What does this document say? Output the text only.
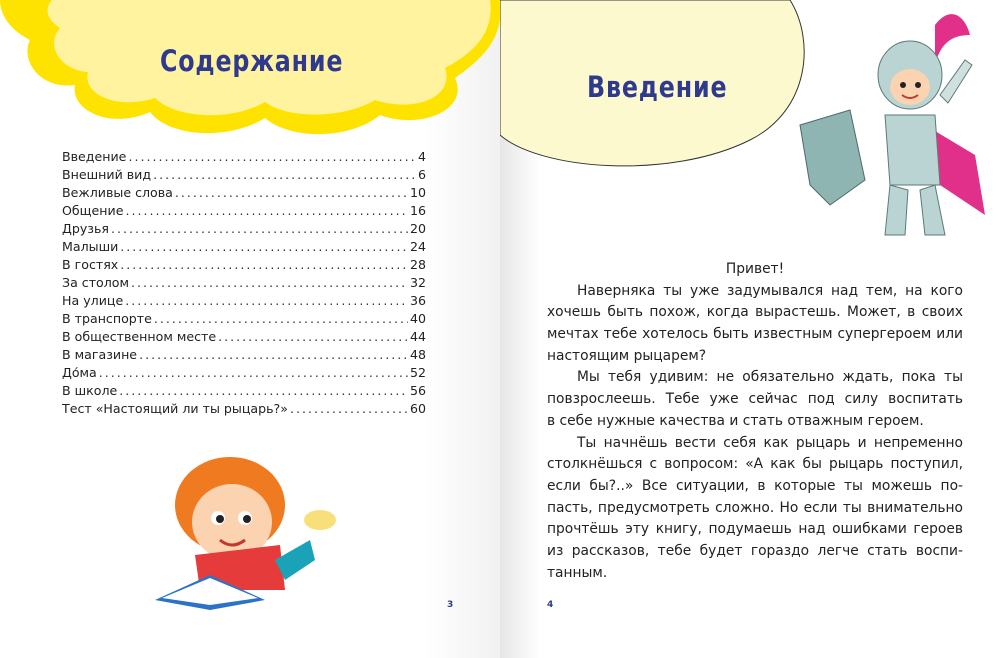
Содержание
Введение .....	4
Внешний вид .....	6
Вежливые слова .....	10
Общение .....	16
Друзья .....	20
Малыши .....	24
В гостях .....	28
За столом .....	32
На улице .....	36
В транспорте .....	40
В общественном месте .....	44
В магазине .....	48
До́ма .....	52
В школе .....	56
Тест «Настоящий ли ты рыцарь?» .....	60
3
Введение
4
Привет!
Наверняка ты уже задумывался над тем, на кого
хочешь быть похож, когда вырастешь. Может, в своих
мечтах тебе хотелось быть известным супергероем или
настоящим рыцарем?
Мы тебя удивим: не обязательно ждать, пока ты
повзрослеешь. Тебе уже сейчас под силу воспитать
в себе нужные качества и стать отважным героем.
Ты начнёшь вести себя как рыцарь и непременно
столкнёшься с вопросом: «А как бы рыцарь поступил,
если бы?..» Все ситуации, в которые ты можешь по-
пасть, предусмотреть сложно. Но если ты внимательно
прочтёшь эту книгу, подумаешь над ошибками героев
из рассказов, тебе будет гораздо легче стать воспи-
танным.
